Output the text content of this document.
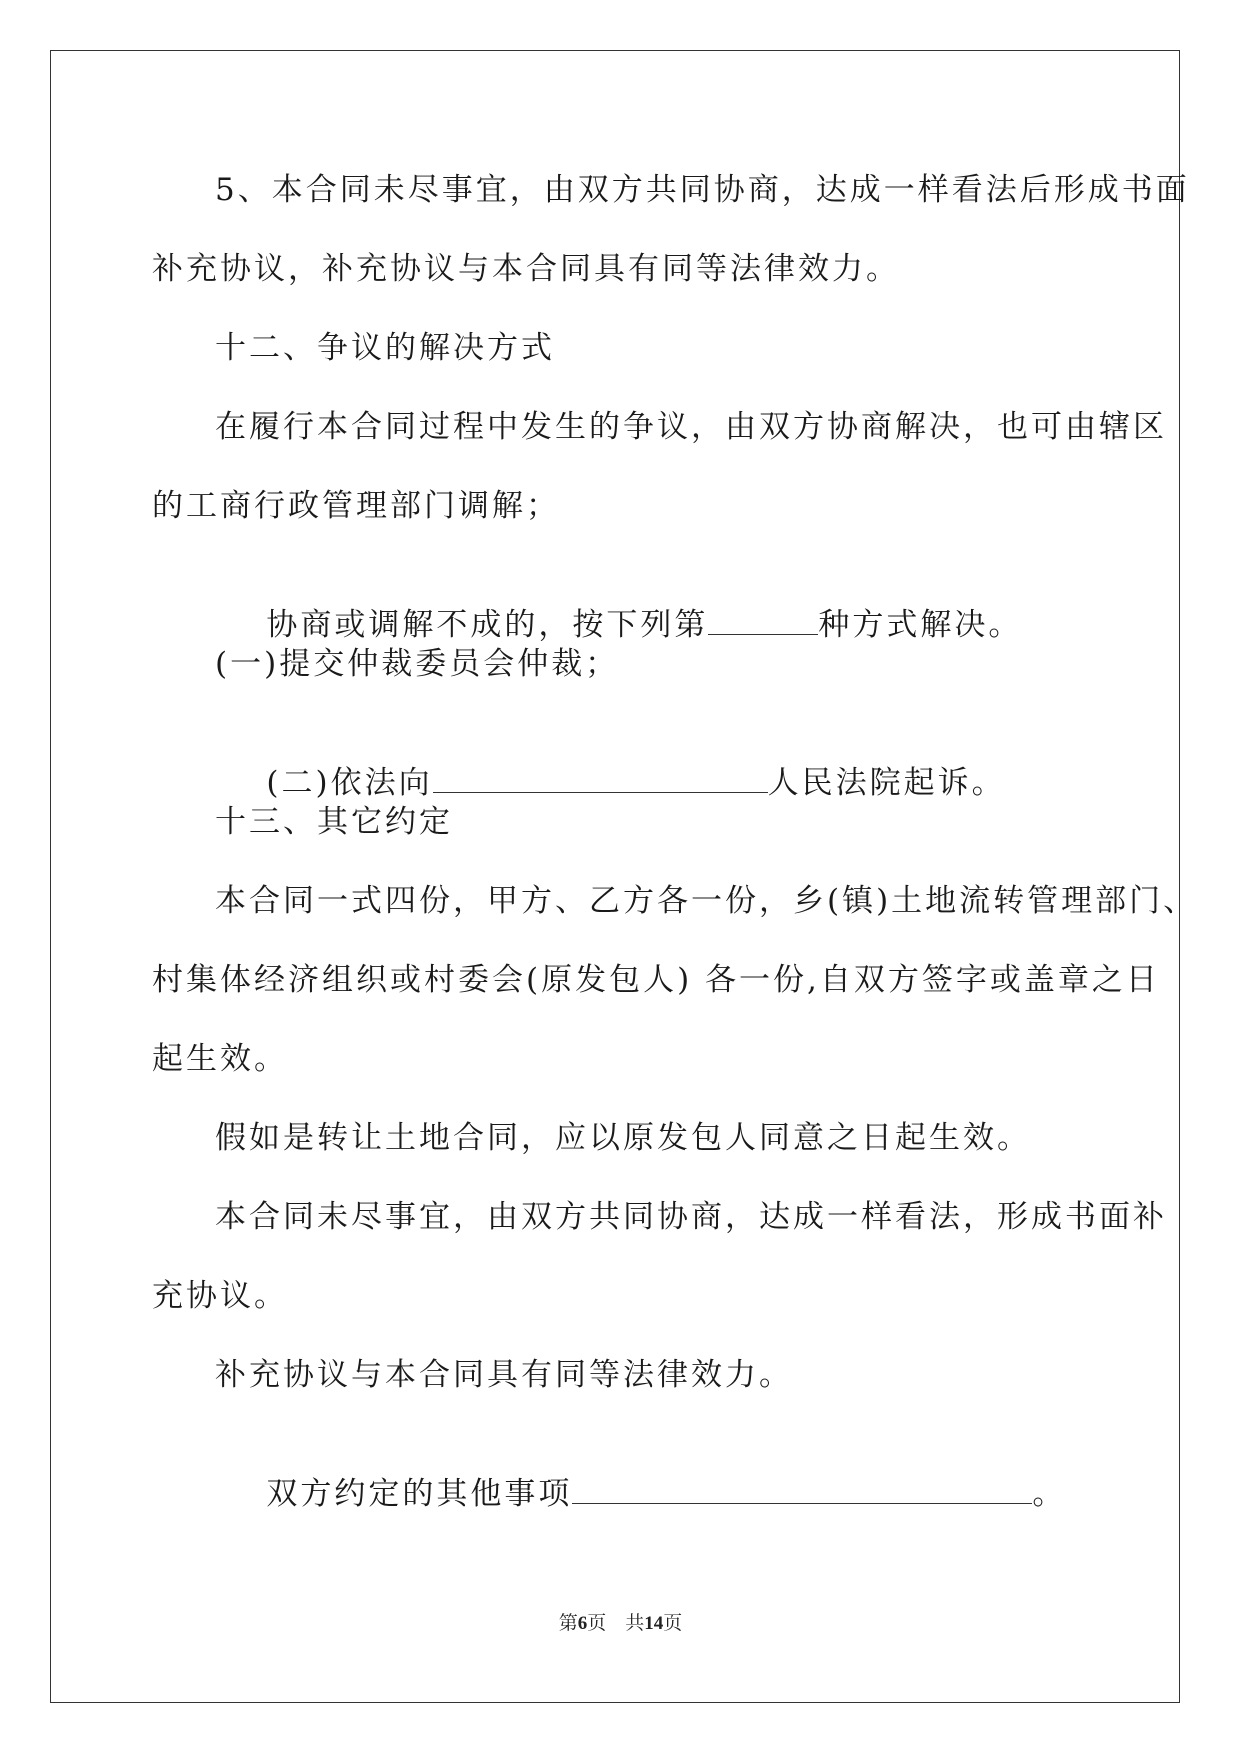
5、本合同未尽事宜，由双方共同协商，达成一样看法后形成书面
补充协议，补充协议与本合同具有同等法律效力。
十二、争议的解决方式
在履行本合同过程中发生的争议，由双方协商解决，也可由辖区
的工商行政管理部门调解；

协商或调解不成的，按下列第	种方式解决。

(一)提交仲裁委员会仲裁；

(二)依法向	人民法院起诉。

十三、其它约定
本合同一式四份，甲方、乙方各一份，乡(镇)土地流转管理部门、
村集体经济组织或村委会(原发包人) 各一份,自双方签字或盖章之日
起生效。
假如是转让土地合同，应以原发包人同意之日起生效。
本合同未尽事宜，由双方共同协商，达成一样看法，形成书面补
充协议。
补充协议与本合同具有同等法律效力。

双方约定的其他事项	。

第6页　共14页
